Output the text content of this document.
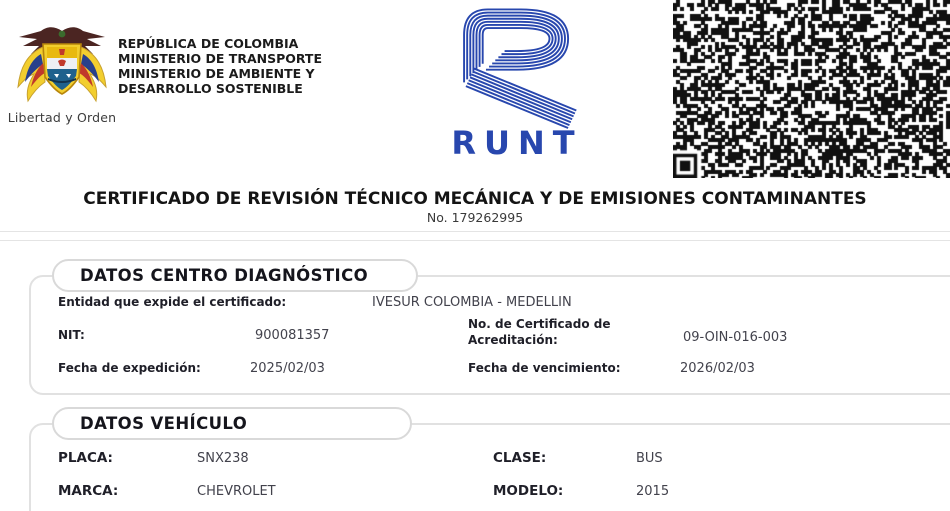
Libertad y Orden
REPÚBLICA DE COLOMBIA
MINISTERIO DE TRANSPORTE
MINISTERIO DE AMBIENTE Y
DESARROLLO SOSTENIBLE
RUNT
CERTIFICADO DE REVISIÓN TÉCNICO MECÁNICA Y DE EMISIONES CONTAMINANTES
No. 179262995
DATOS CENTRO DIAGNÓSTICO
Entidad que expide el certificado:	IVESUR COLOMBIA - MEDELLIN
NIT:	900081357
No. de Certificado de Acreditación:	09-OIN-016-003
Fecha de expedición:	2025/02/03	Fecha de vencimiento:	2026/02/03
DATOS VEHÍCULO
PLACA:	SNX238	CLASE:	BUS
MARCA:	CHEVROLET	MODELO:	2015
